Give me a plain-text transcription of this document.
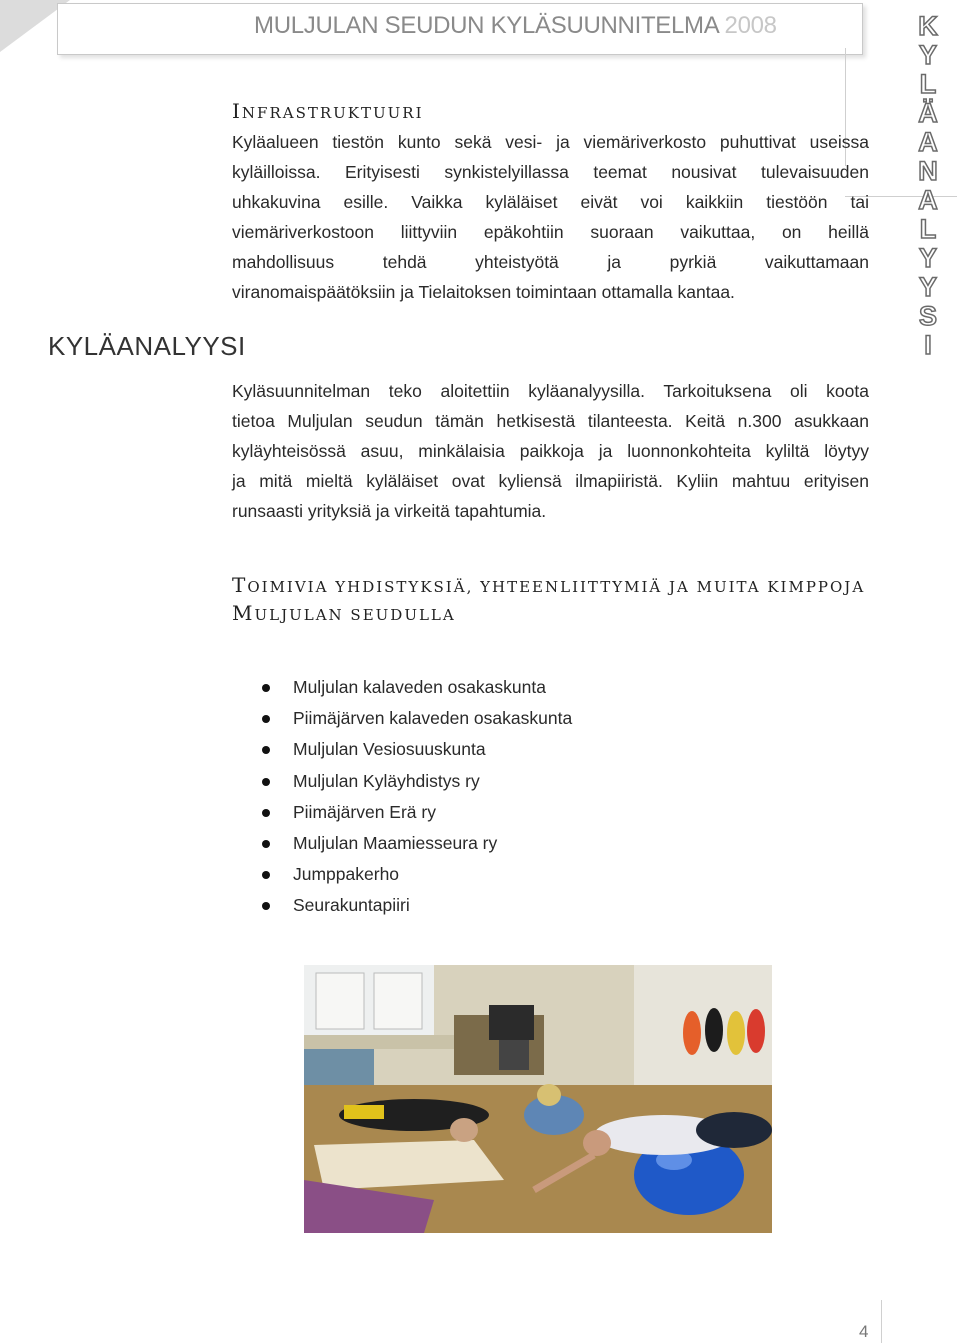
MULJULAN SEUDUN KYLÄSUUNNITELMA 2008	K
Y
L
Ä
A
N
A
L
Y
Y
S
I
KYLÄANALYYSI
INFRASTRUKTUURI
Kyläalueen tiestön kunto sekä vesi- ja viemäriverkosto puhuttivat useissa
kyläilloissa. Erityisesti synkistelyillassa teemat nousivat tulevaisuuden
uhkakuvina esille. Vaikka kyläläiset eivät voi kaikkiin tiestöön tai
viemäriverkostoon liittyviin epäkohtiin suoraan vaikuttaa, on heillä
mahdollisuus tehdä yhteistyötä ja pyrkiä vaikuttamaan
viranomaispäätöksiin ja Tielaitoksen toimintaan ottamalla kantaa.
Kyläsuunnitelman teko aloitettiin kyläanalyysilla. Tarkoituksena oli koota
tietoa Muljulan seudun tämän hetkisestä tilanteesta. Keitä n.300 asukkaan
kyläyhteisössä asuu, minkälaisia paikkoja ja luonnonkohteita kyliltä löytyy
ja mitä mieltä kyläläiset ovat kyliensä ilmapiiristä. Kyliin mahtuu erityisen
runsaasti yrityksiä ja virkeitä tapahtumia.
TOIMIVIA YHDISTYKSIÄ, YHTEENLIITTYMIÄ JA MUITA KIMPPOJA
MULJULAN SEUDULLA
Muljulan kalaveden osakaskunta
Piimäjärven kalaveden osakaskunta
Muljulan Vesiosuuskunta
Muljulan Kyläyhdistys ry
Piimäjärven Erä ry
Muljulan Maamiesseura ry
Jumppakerho
Seurakuntapiiri
4
